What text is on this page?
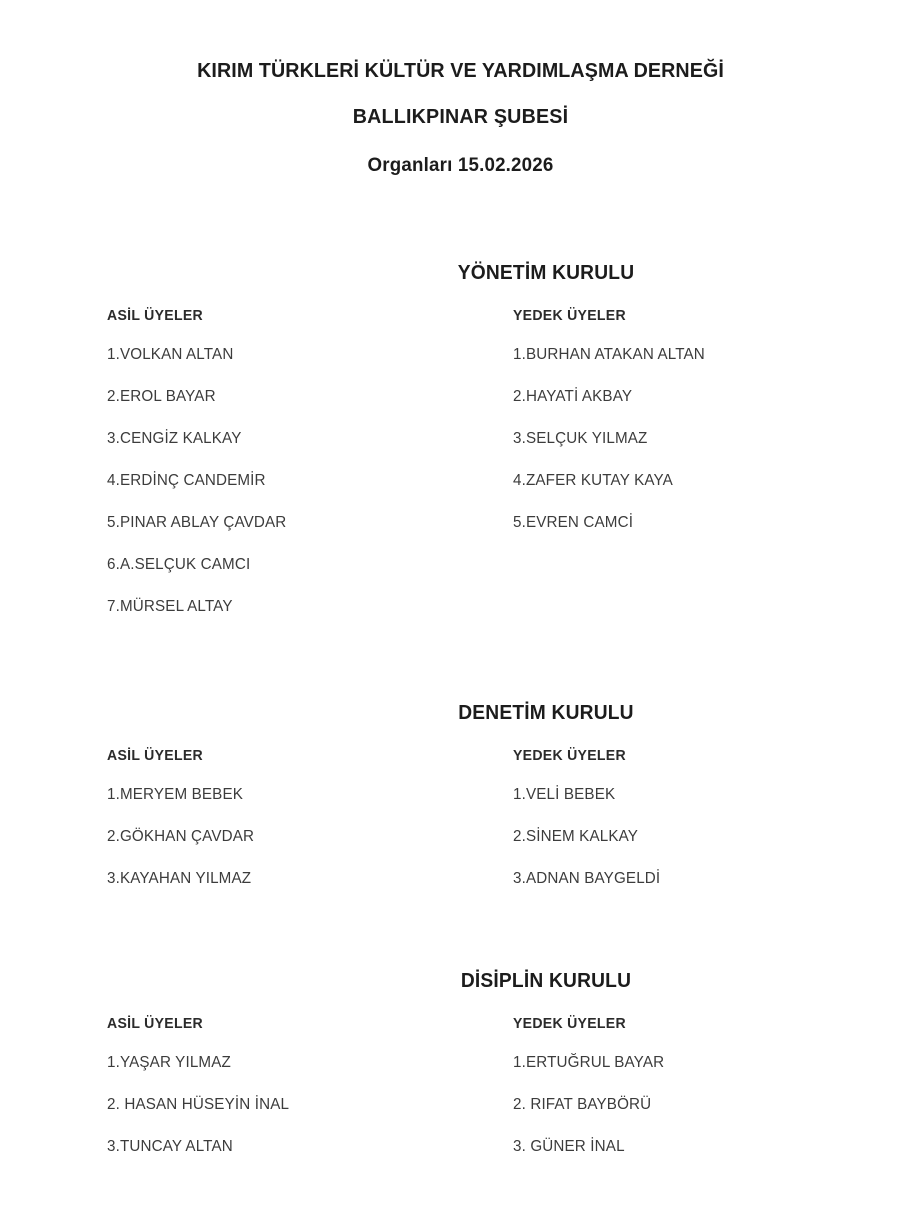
KIRIM TÜRKLERİ KÜLTÜR VE YARDIMLAŞMA DERNEĞİ
BALLIKPINAR ŞUBESİ
Organları 15.02.2026
YÖNETİM KURULU
ASİL ÜYELER
1.VOLKAN ALTAN
2.EROL BAYAR
3.CENGİZ KALKAY
4.ERDİNÇ CANDEMİR
5.PINAR ABLAY ÇAVDAR
6.A.SELÇUK CAMCI
7.MÜRSEL ALTAY
YEDEK ÜYELER
1.BURHAN ATAKAN ALTAN
2.HAYATİ AKBAY
3.SELÇUK YILMAZ
4.ZAFER KUTAY KAYA
5.EVREN CAMCİ
DENETİM KURULU
ASİL ÜYELER
1.MERYEM BEBEK
2.GÖKHAN ÇAVDAR
3.KAYAHAN YILMAZ
YEDEK ÜYELER
1.VELİ BEBEK
2.SİNEM KALKAY
3.ADNAN BAYGELDİ
DİSİPLİN KURULU
ASİL ÜYELER
1.YAŞAR YILMAZ
2. HASAN HÜSEYİN İNAL
3.TUNCAY ALTAN
YEDEK ÜYELER
1.ERTUĞRUL BAYAR
2. RIFAT BAYBÖRÜ
3. GÜNER İNAL
